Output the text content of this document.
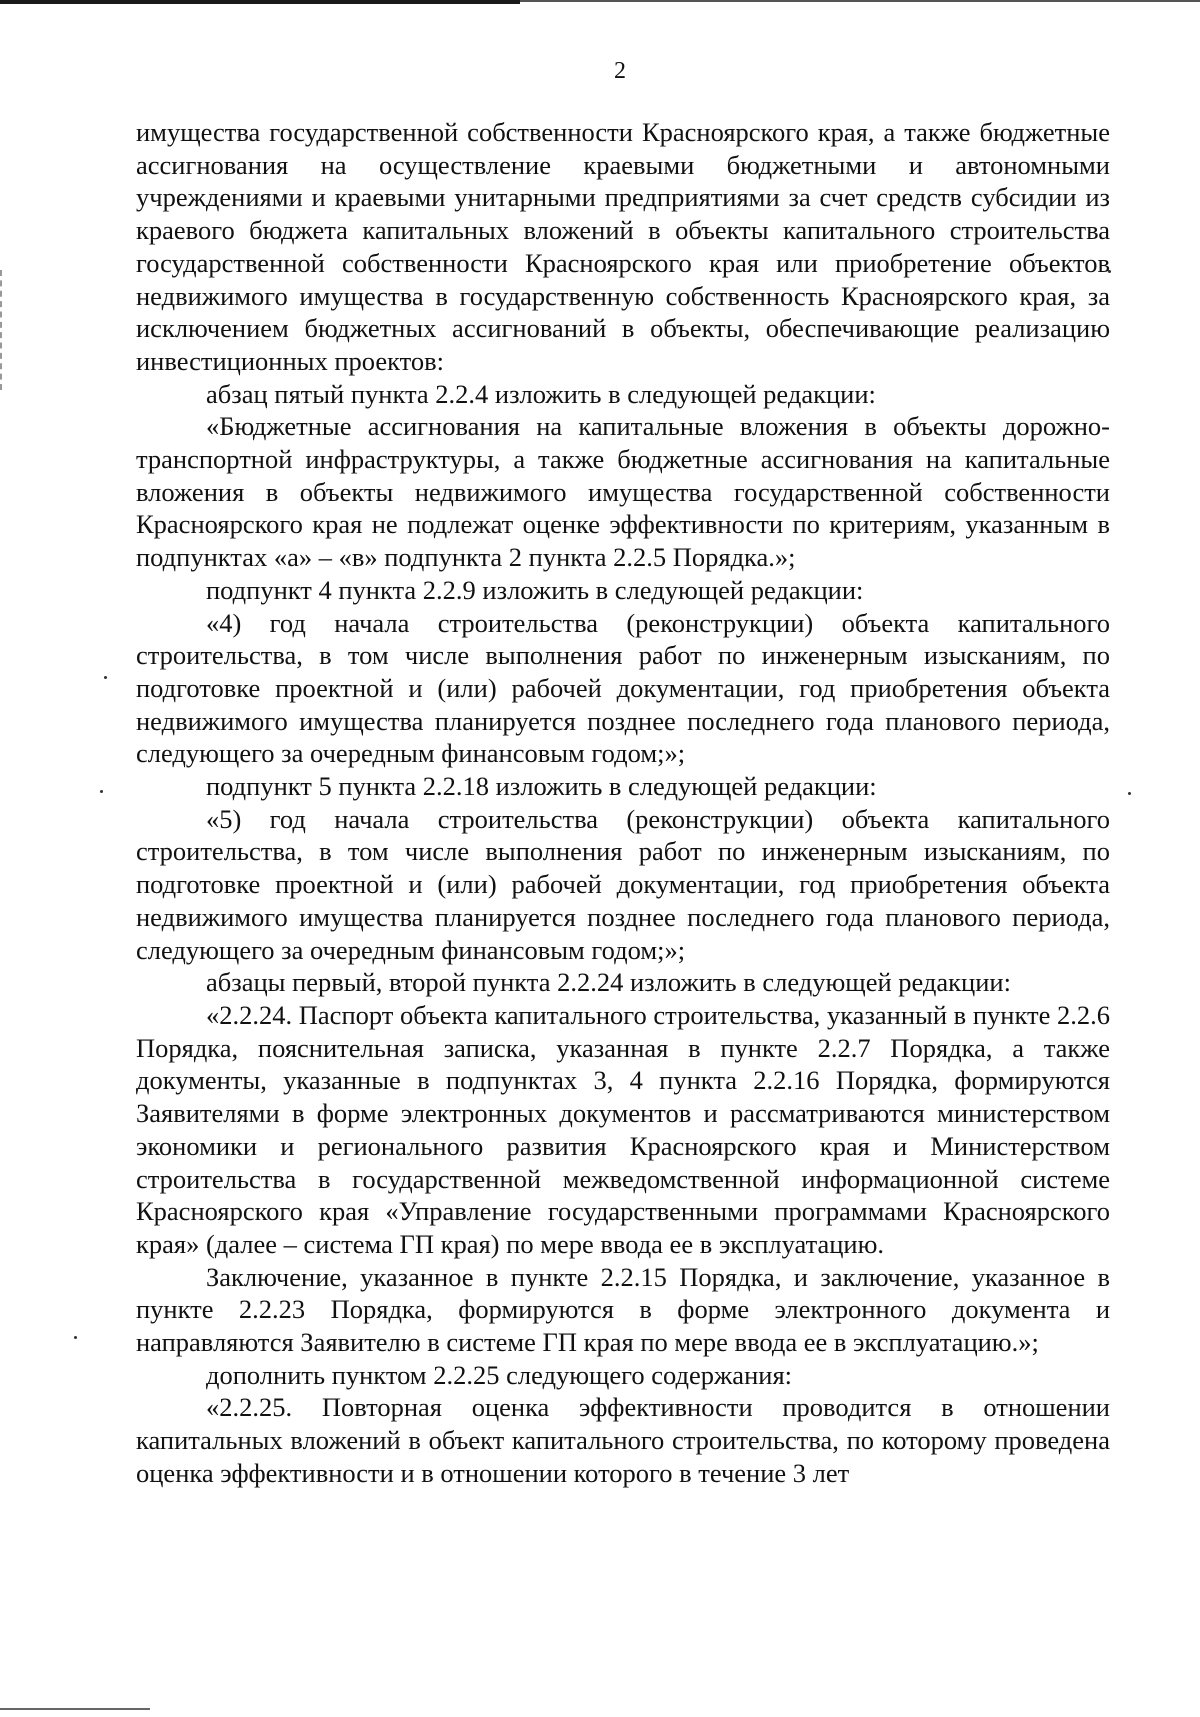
2

имущества государственной собственности Красноярского края, а также бюджетные ассигнования на осуществление краевыми бюджетными и автономными учреждениями и краевыми унитарными предприятиями за счет средств субсидии из краевого бюджета капитальных вложений в объекты капитального строительства государственной собственности Красноярского края или приобретение объектов недвижимого имущества в государственную собственность Красноярского края, за исключением бюджетных ассигнований в объекты, обеспечивающие реализацию инвестиционных проектов:

абзац пятый пункта 2.2.4 изложить в следующей редакции:

«Бюджетные ассигнования на капитальные вложения в объекты дорожно-транспортной инфраструктуры, а также бюджетные ассигнования на капитальные вложения в объекты недвижимого имущества государственной собственности Красноярского края не подлежат оценке эффективности по критериям, указанным в подпунктах «а» – «в» подпункта 2 пункта 2.2.5 Порядка.»;

подпункт 4 пункта 2.2.9 изложить в следующей редакции:

«4) год начала строительства (реконструкции) объекта капитального строительства, в том числе выполнения работ по инженерным изысканиям, по подготовке проектной и (или) рабочей документации, год приобретения объекта недвижимого имущества планируется позднее последнего года планового периода, следующего за очередным финансовым годом;»;

подпункт 5 пункта 2.2.18 изложить в следующей редакции:

«5) год начала строительства (реконструкции) объекта капитального строительства, в том числе выполнения работ по инженерным изысканиям, по подготовке проектной и (или) рабочей документации, год приобретения объекта недвижимого имущества планируется позднее последнего года планового периода, следующего за очередным финансовым годом;»;

абзацы первый, второй пункта 2.2.24 изложить в следующей редакции:

«2.2.24. Паспорт объекта капитального строительства, указанный в пункте 2.2.6 Порядка, пояснительная записка, указанная в пункте 2.2.7 Порядка, а также документы, указанные в подпунктах 3, 4 пункта 2.2.16 Порядка, формируются Заявителями в форме электронных документов и рассматриваются министерством экономики и регионального развития Красноярского края и Министерством строительства в государственной межведомственной информационной системе Красноярского края «Управление государственными программами Красноярского края» (далее – система ГП края) по мере ввода ее в эксплуатацию.

Заключение, указанное в пункте 2.2.15 Порядка, и заключение, указанное в пункте 2.2.23 Порядка, формируются в форме электронного документа и направляются Заявителю в системе ГП края по мере ввода ее в эксплуатацию.»;

дополнить пунктом 2.2.25 следующего содержания:

«2.2.25. Повторная оценка эффективности проводится в отношении капитальных вложений в объект капитального строительства, по которому проведена оценка эффективности и в отношении которого в течение 3 лет
